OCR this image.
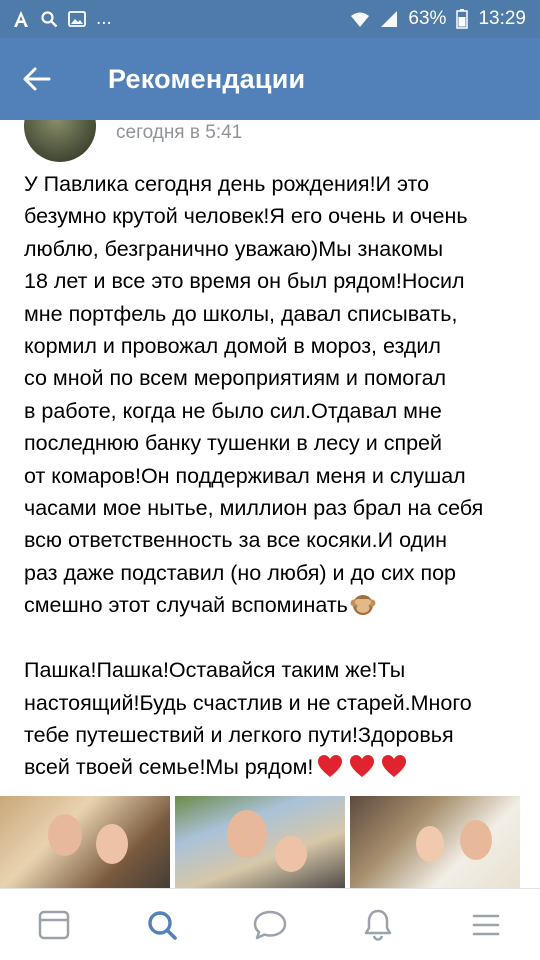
...	63% 13:29
Рекомендации
сегодня в 5:41
У Павлика сегодня день рождения!И это
безумно крутой человек!Я его очень и очень
люблю, безгранично уважаю)Мы знакомы
18 лет и все это время он был рядом!Носил
мне портфель до школы, давал списывать,
кормил и провожал домой в мороз, ездил
со мной по всем мероприятиям и помогал
в работе, когда не было сил.Отдавал мне
последнюю банку тушенки в лесу и спрей
от комаров!Он поддерживал меня и слушал
часами мое нытье, миллион раз брал на себя
всю ответственность за все косяки.И один
раз даже подставил (но любя) и до сих пор
смешно этот случай вспоминать

Пашка!Пашка!Оставайся таким же!Ты
настоящий!Будь счастлив и не старей.Много
тебе путешествий и легкого пути!Здоровья
всей твоей семье!Мы рядом!
